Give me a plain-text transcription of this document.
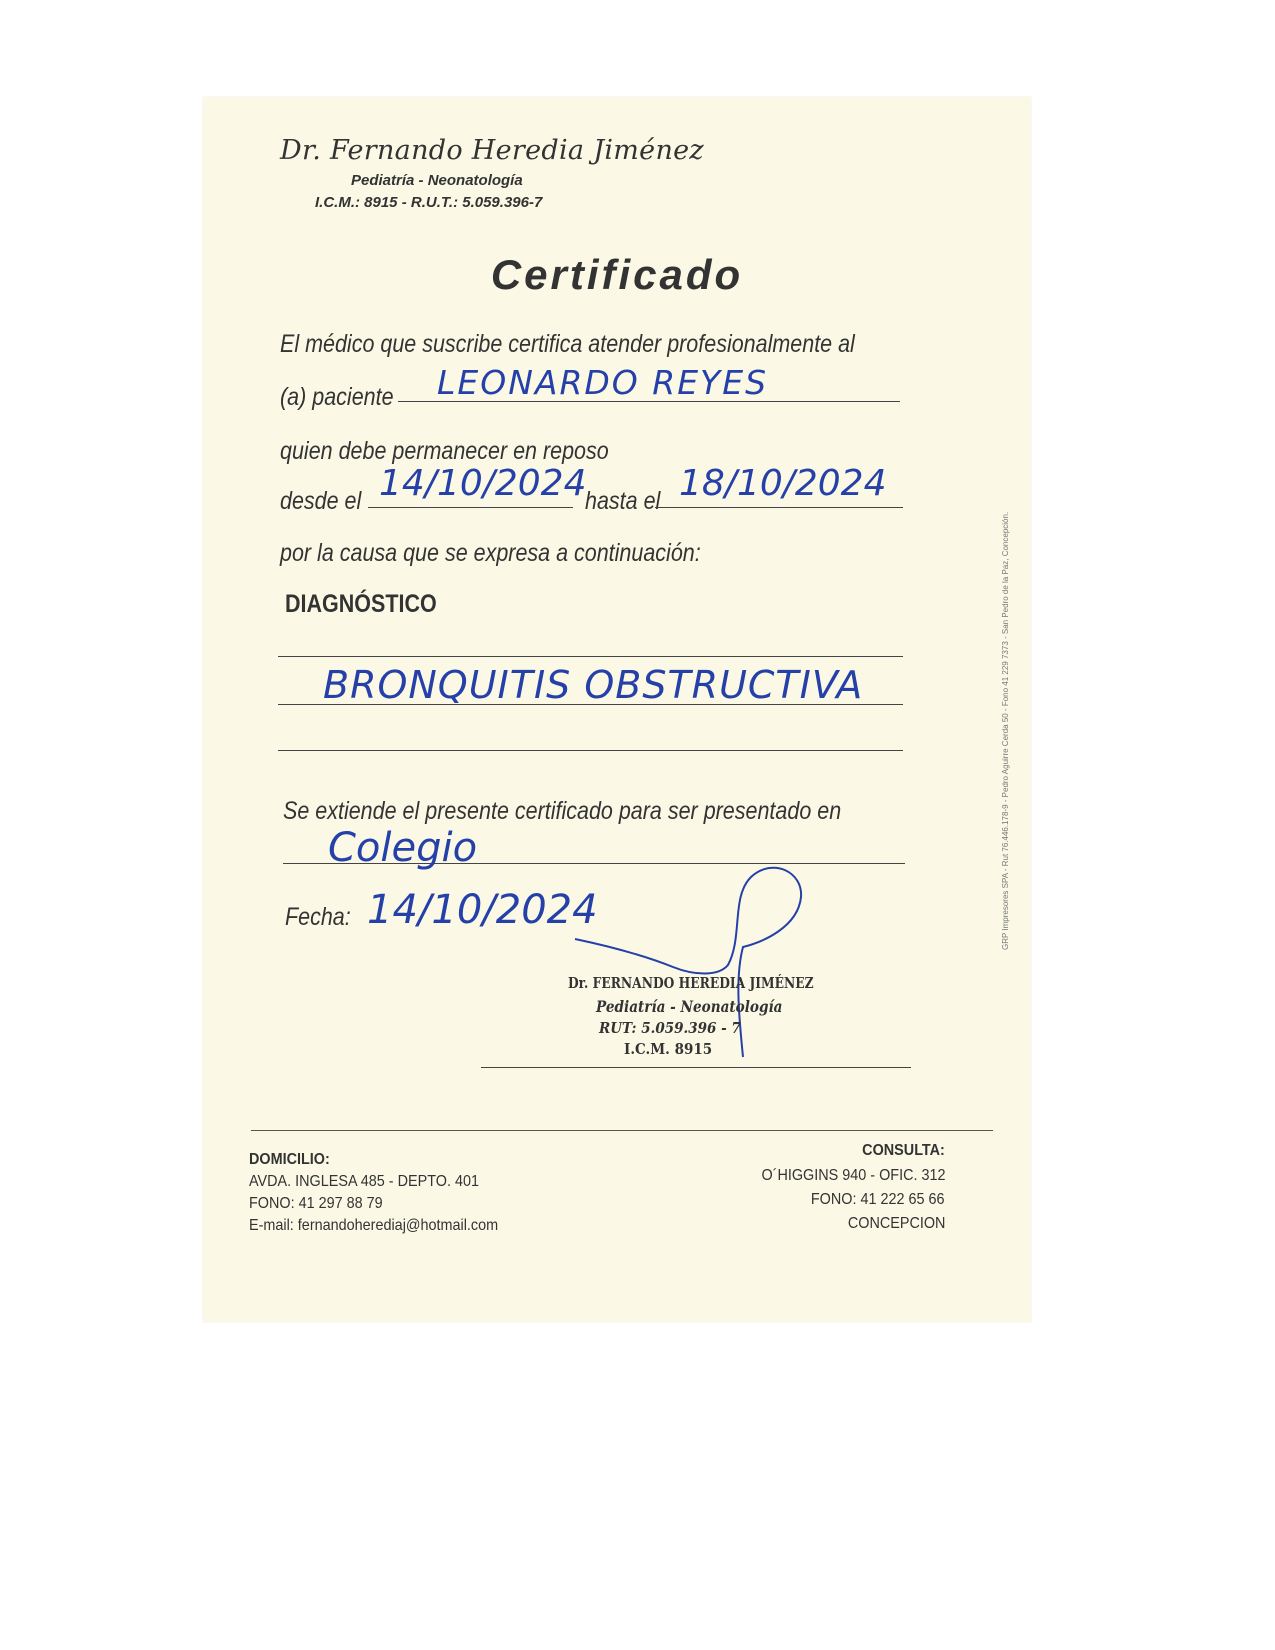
Dr. Fernando Heredia Jiménez
Pediatría - Neonatología
I.C.M.: 8915 - R.U.T.: 5.059.396-7
Certificado
El médico que suscribe certifica atender profesionalmente al
(a) paciente LEONARDO REYES
quien debe permanecer en reposo
desde el 14/10/2024
hasta el 18/10/2024
por la causa que se expresa a continuación:
DIAGNÓSTICO
BRONQUITIS OBSTRUCTIVA
Se extiende el presente certificado para ser presentado en
Colegio
Fecha: 14/10/2024
Dr. FERNANDO HEREDIA JIMÉNEZ
Pediatría - Neonatología
RUT: 5.059.396 - 7
I.C.M. 8915
DOMICILIO:
AVDA. INGLESA 485 - DEPTO. 401
FONO: 41 297 88 79
E-mail: fernandoherediaj@hotmail.com
CONSULTA:
O´HIGGINS 940 - OFIC. 312
FONO: 41 222 65 66
CONCEPCION
GRP Impresores SPA - Rut 76.446.178-9 - Pedro Aguirre Cerda 50 - Fono 41 229 7373 - San Pedro de la Paz, Concepción.
